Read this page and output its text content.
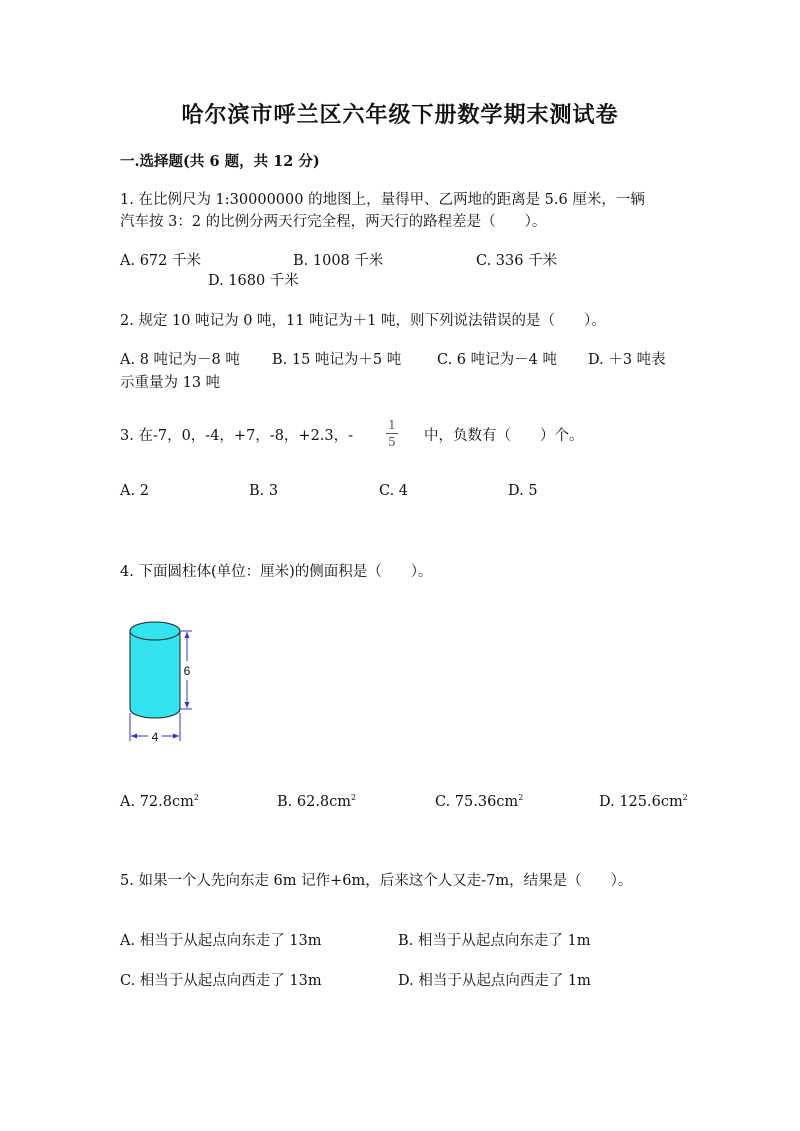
哈尔滨市呼兰区六年级下册数学期末测试卷
一.选择题(共 6 题，共 12 分)
1. 在比例尺为 1:30000000 的地图上，量得甲、乙两地的距离是 5.6 厘米，一辆
汽车按 3：2 的比例分两天行完全程，两天行的路程差是（　　）。
A. 672 千米	B. 1008 千米	C. 336 千米
D. 1680 千米
2. 规定 10 吨记为 0 吨，11 吨记为＋1 吨，则下列说法错误的是（　　）。
A. 8 吨记为－8 吨 B. 15 吨记为＋5 吨 C. 6 吨记为－4 吨 D. ＋3 吨表
示重量为 13 吨
3. 在-7，0，-4，+7，-8，+2.3，-
1
5 中，负数有（　　）个。
A. 2	B. 3	C. 4	D. 5
4. 下面圆柱体(单位：厘米)的侧面积是（　　）。
6
4
A. $72.8cm^2$	B. $62.8cm^2$	C. $75.36cm^2$	D. $125.6cm^2$
5. 如果一个人先向东走 6m 记作+6m，后来这个人又走-7m，结果是（　　）。
A. 相当于从起点向东走了 13m	B. 相当于从起点向东走了 1m
C. 相当于从起点向西走了 13m	D. 相当于从起点向西走了 1m
